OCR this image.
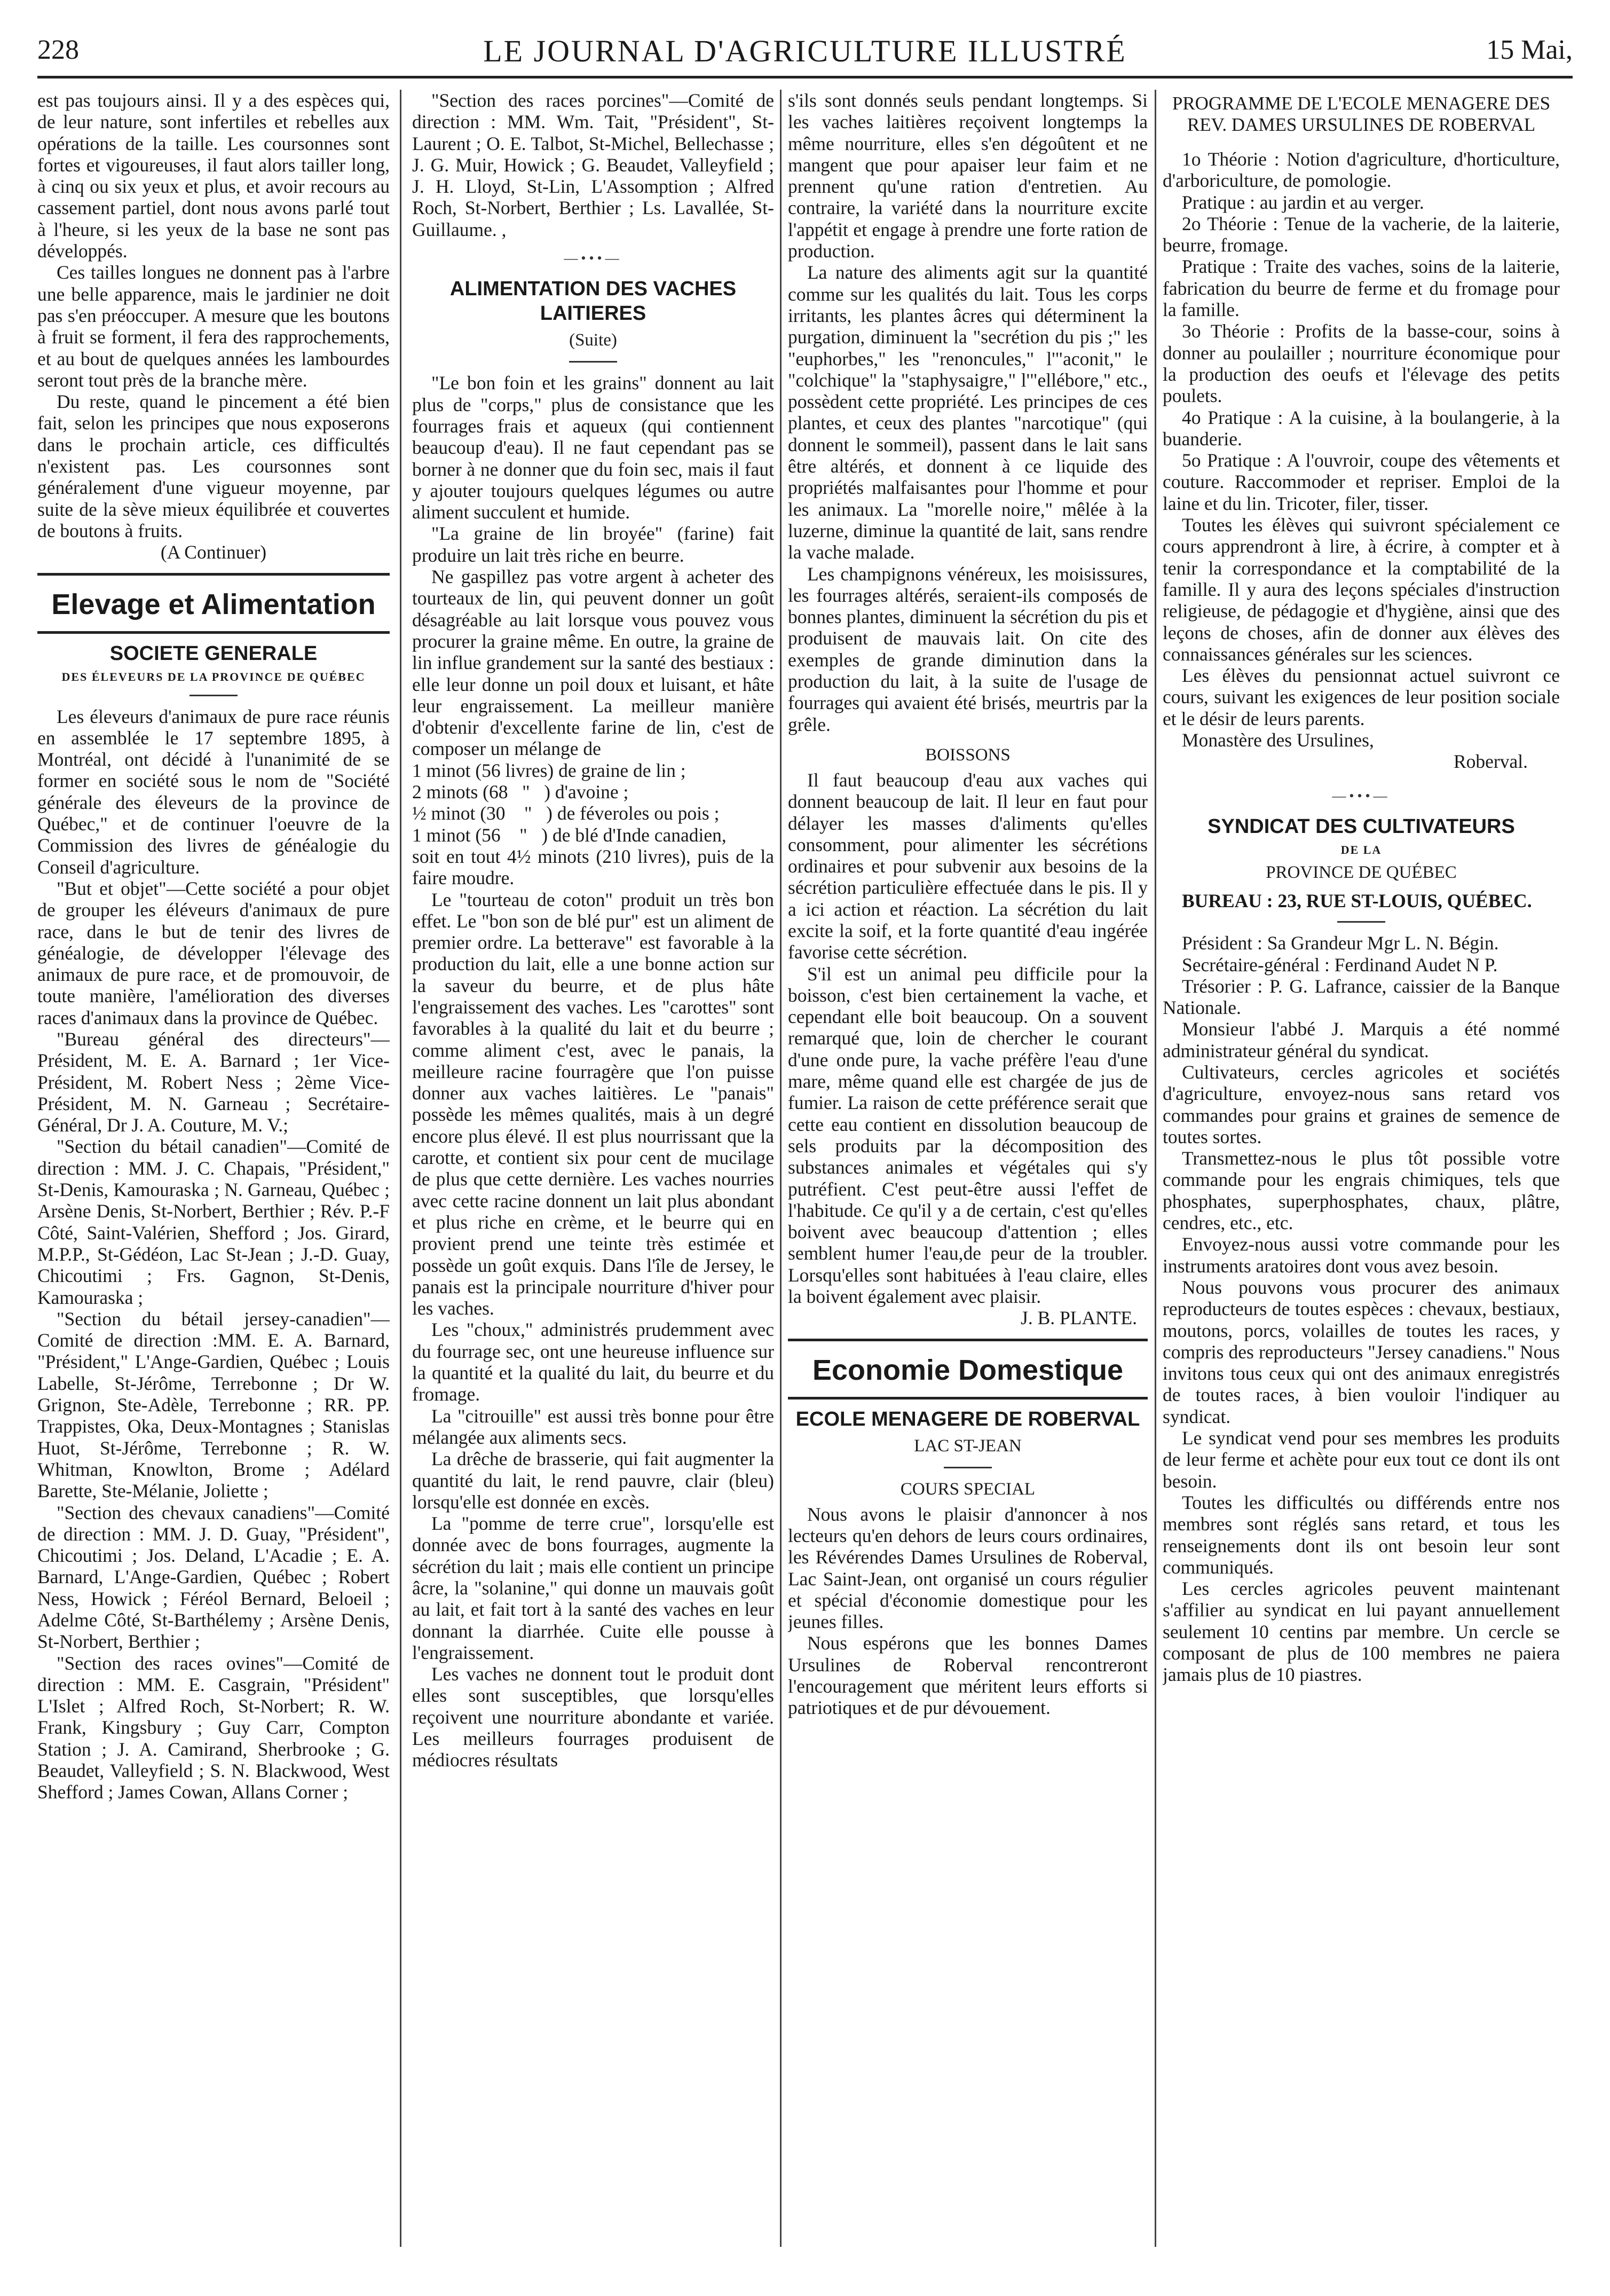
228	LE JOURNAL D'AGRICULTURE ILLUSTRÉ	15 Mai,

est pas toujours ainsi. Il y a des espèces qui, de leur nature, sont infertiles et rebelles aux opérations de la taille. Les coursonnes sont fortes et vigoureuses, il faut alors tailler long, à cinq ou six yeux et plus, et avoir recours au cassement partiel, dont nous avons parlé tout à l'heure, si les yeux de la base ne sont pas développés.

Ces tailles longues ne donnent pas à l'arbre une belle apparence, mais le jardinier ne doit pas s'en préoccuper. A mesure que les boutons à fruit se forment, il fera des rapprochements, et au bout de quelques années les lambourdes seront tout près de la branche mère.

Du reste, quand le pincement a été bien fait, selon les principes que nous exposerons dans le prochain article, ces difficultés n'existent pas. Les coursonnes sont généralement d'une vigueur moyenne, par suite de la sève mieux équilibrée et couvertes de boutons à fruits.

(A Continuer)

Elevage et Alimentation
SOCIETE GENERALE
DES ÉLEVEURS DE LA PROVINCE DE QUÉBEC

Les éleveurs d'animaux de pure race réunis en assemblée le 17 septembre 1895, à Montréal, ont décidé à l'unanimité de se former en société sous le nom de "Société générale des éleveurs de la province de Québec," et de continuer l'oeuvre de la Commission des livres de généalogie du Conseil d'agriculture.

"But et objet"—Cette société a pour objet de grouper les éléveurs d'animaux de pure race, dans le but de tenir des livres de généalogie, de développer l'élevage des animaux de pure race, et de promouvoir, de toute manière, l'amélioration des diverses races d'animaux dans la province de Québec.

"Bureau général des directeurs"—Président, M. E. A. Barnard ; 1er Vice-Président, M. Robert Ness ; 2ème Vice-Président, M. N. Garneau ; Secrétaire-Général, Dr J. A. Couture, M. V.;

"Section du bétail canadien"—Comité de direction : MM. J. C. Chapais, "Président," St-Denis, Kamouraska ; N. Garneau, Québec ; Arsène Denis, St-Norbert, Berthier ; Rév. P.-F Côté, Saint-Valérien, Shefford ; Jos. Girard, M.P.P., St-Gédéon, Lac St-Jean ; J.-D. Guay, Chicoutimi ; Frs. Gagnon, St-Denis, Kamouraska ;

"Section du bétail jersey-canadien"—Comité de direction :MM. E. A. Barnard, "Président," L'Ange-Gardien, Québec ; Louis Labelle, St-Jérôme, Terrebonne ; Dr W. Grignon, Ste-Adèle, Terrebonne ; RR. PP. Trappistes, Oka, Deux-Montagnes ; Stanislas Huot, St-Jérôme, Terrebonne ; R. W. Whitman, Knowlton, Brome ; Adélard Barette, Ste-Mélanie, Joliette ;

"Section des chevaux canadiens"—Comité de direction : MM. J. D. Guay, "Président", Chicoutimi ; Jos. Deland, L'Acadie ; E. A. Barnard, L'Ange-Gardien, Québec ; Robert Ness, Howick ; Féréol Bernard, Beloeil ; Adelme Côté, St-Barthélemy ; Arsène Denis, St-Norbert, Berthier ;

"Section des races ovines"—Comité de direction : MM. E. Casgrain, "Président" L'Islet ; Alfred Roch, St-Norbert; R. W. Frank, Kingsbury ; Guy Carr, Compton Station ; J. A. Camirand, Sherbrooke ; G. Beaudet, Valleyfield ; S. N. Blackwood, West Shefford ; James Cowan, Allans Corner ;

"Section des races porcines"—Comité de direction : MM. Wm. Tait, "Président", St-Laurent ; O. E. Talbot, St-Michel, Bellechasse ; J. G. Muir, Howick ; G. Beaudet, Valleyfield ; J. H. Lloyd, St-Lin, L'Assomption ; Alfred Roch, St-Norbert, Berthier ; Ls. Lavallée, St-Guillaume. ,

—•••—
ALIMENTATION DES VACHES LAITIERES
(Suite)

"Le bon foin et les grains" donnent au lait plus de "corps," plus de consistance que les fourrages frais et aqueux (qui contiennent beaucoup d'eau). Il ne faut cependant pas se borner à ne donner que du foin sec, mais il faut y ajouter toujours quelques légumes ou autre aliment succulent et humide.

"La graine de lin broyée" (farine) fait produire un lait très riche en beurre.

Ne gaspillez pas votre argent à acheter des tourteaux de lin, qui peuvent donner un goût désagréable au lait lorsque vous pouvez vous procurer la graine même. En outre, la graine de lin influe grandement sur la santé des bestiaux : elle leur donne un poil doux et luisant, et hâte leur engraissement. La meilleur manière d'obtenir d'excellente farine de lin, c'est de composer un mélange de

1 minot (56 livres) de graine de lin ;

2 minots (68   "   ) d'avoine ;

½ minot (30    "   ) de féveroles ou pois ;

1 minot (56    "   ) de blé d'Inde canadien,

soit en tout 4½ minots (210 livres), puis de la faire moudre.

Le "tourteau de coton" produit un très bon effet. Le "bon son de blé pur" est un aliment de premier ordre. La betterave" est favorable à la production du lait, elle a une bonne action sur la saveur du beurre, et de plus hâte l'engraissement des vaches. Les "carottes" sont favorables à la qualité du lait et du beurre ; comme aliment c'est, avec le panais, la meilleure racine fourragère que l'on puisse donner aux vaches laitières. Le "panais" possède les mêmes qualités, mais à un degré encore plus élevé. Il est plus nourrissant que la carotte, et contient six pour cent de mucilage de plus que cette dernière. Les vaches nourries avec cette racine donnent un lait plus abondant et plus riche en crème, et le beurre qui en provient prend une teinte très estimée et possède un goût exquis. Dans l'île de Jersey, le panais est la principale nourriture d'hiver pour les vaches.

Les "choux," administrés prudemment avec du fourrage sec, ont une heureuse influence sur la quantité et la qualité du lait, du beurre et du fromage.

La "citrouille" est aussi très bonne pour être mélangée aux aliments secs.

La drêche de brasserie, qui fait augmenter la quantité du lait, le rend pauvre, clair (bleu) lorsqu'elle est donnée en excès.

La "pomme de terre crue", lorsqu'elle est donnée avec de bons fourrages, augmente la sécrétion du lait ; mais elle contient un principe âcre, la "solanine," qui donne un mauvais goût au lait, et fait tort à la santé des vaches en leur donnant la diarrhée. Cuite elle pousse à l'engraissement.

Les vaches ne donnent tout le produit dont elles sont susceptibles, que lorsqu'elles reçoivent une nourriture abondante et variée. Les meilleurs fourrages produisent de médiocres résultats

s'ils sont donnés seuls pendant longtemps. Si les vaches laitières reçoivent longtemps la même nourriture, elles s'en dégoûtent et ne mangent que pour apaiser leur faim et ne prennent qu'une ration d'entretien. Au contraire, la variété dans la nourriture excite l'appétit et engage à prendre une forte ration de production.

La nature des aliments agit sur la quantité comme sur les qualités du lait. Tous les corps irritants, les plantes âcres qui déterminent la purgation, diminuent la "secrétion du pis ;" les "euphorbes," les "renoncules," l'"aconit," le "colchique" la "staphysaigre," l'"ellébore," etc., possèdent cette propriété. Les principes de ces plantes, et ceux des plantes "narcotique" (qui donnent le sommeil), passent dans le lait sans être altérés, et donnent à ce liquide des propriétés malfaisantes pour l'homme et pour les animaux. La "morelle noire," mêlée à la luzerne, diminue la quantité de lait, sans rendre la vache malade.

Les champignons vénéreux, les moisissures, les fourrages altérés, seraient-ils composés de bonnes plantes, diminuent la sécrétion du pis et produisent de mauvais lait. On cite des exemples de grande diminution dans la production du lait, à la suite de l'usage de fourrages qui avaient été brisés, meurtris par la grêle.

BOISSONS

Il faut beaucoup d'eau aux vaches qui donnent beaucoup de lait. Il leur en faut pour délayer les masses d'aliments qu'elles consomment, pour alimenter les sécrétions ordinaires et pour subvenir aux besoins de la sécrétion particulière effectuée dans le pis. Il y a ici action et réaction. La sécrétion du lait excite la soif, et la forte quantité d'eau ingérée favorise cette sécrétion.

S'il est un animal peu difficile pour la boisson, c'est bien certainement la vache, et cependant elle boit beaucoup. On a souvent remarqué que, loin de chercher le courant d'une onde pure, la vache préfère l'eau d'une mare, même quand elle est chargée de jus de fumier. La raison de cette préférence serait que cette eau contient en dissolution beaucoup de sels produits par la décomposition des substances animales et végétales qui s'y putréfient. C'est peut-être aussi l'effet de l'habitude. Ce qu'il y a de certain, c'est qu'elles boivent avec beaucoup d'attention ; elles semblent humer l'eau,de peur de la troubler. Lorsqu'elles sont habituées à l'eau claire, elles la boivent également avec plaisir.

J. B. PLANTE.

Economie Domestique
ECOLE MENAGERE DE ROBERVAL
LAC ST-JEAN
COURS SPECIAL

Nous avons le plaisir d'annoncer à nos lecteurs qu'en dehors de leurs cours ordinaires, les Révérendes Dames Ursulines de Roberval, Lac Saint-Jean, ont organisé un cours régulier et spécial d'économie domestique pour les jeunes filles.

Nous espérons que les bonnes Dames Ursulines de Roberval rencontreront l'encouragement que méritent leurs efforts si patriotiques et de pur dévouement.

PROGRAMME DE L'ECOLE MENAGERE DES REV. DAMES URSULINES DE ROBERVAL

1o Théorie : Notion d'agriculture, d'horticulture, d'arboriculture, de pomologie.

Pratique : au jardin et au verger.

2o Théorie : Tenue de la vacherie, de la laiterie, beurre, fromage.

Pratique : Traite des vaches, soins de la laiterie, fabrication du beurre de ferme et du fromage pour la famille.

3o Théorie : Profits de la basse-cour, soins à donner au poulailler ; nourriture économique pour la production des oeufs et l'élevage des petits poulets.

4o Pratique : A la cuisine, à la boulangerie, à la buanderie.

5o Pratique : A l'ouvroir, coupe des vêtements et couture. Raccommoder et repriser. Emploi de la laine et du lin. Tricoter, filer, tisser.

Toutes les élèves qui suivront spécialement ce cours apprendront à lire, à écrire, à compter et à tenir la correspondance et la comptabilité de la famille. Il y aura des leçons spéciales d'instruction religieuse, de pédagogie et d'hygiène, ainsi que des leçons de choses, afin de donner aux élèves des connaissances générales sur les sciences.

Les élèves du pensionnat actuel suivront ce cours, suivant les exigences de leur position sociale et le désir de leurs parents.

Monastère des Ursulines,

Roberval.

—•••—
SYNDICAT DES CULTIVATEURS
DE LA
PROVINCE DE QUÉBEC

BUREAU : 23, RUE ST-LOUIS, QUÉBEC.

Président : Sa Grandeur Mgr L. N. Bégin.

Secrétaire-général : Ferdinand Audet N P.

Trésorier : P. G. Lafrance, caissier de la Banque Nationale.

Monsieur l'abbé J. Marquis a été nommé administrateur général du syndicat.

Cultivateurs, cercles agricoles et sociétés d'agriculture, envoyez-nous sans retard vos commandes pour grains et graines de semence de toutes sortes.

Transmettez-nous le plus tôt possible votre commande pour les engrais chimiques, tels que phosphates, superphosphates, chaux, plâtre, cendres, etc., etc.

Envoyez-nous aussi votre commande pour les instruments aratoires dont vous avez besoin.

Nous pouvons vous procurer des animaux reproducteurs de toutes espèces : chevaux, bestiaux, moutons, porcs, volailles de toutes les races, y compris des reproducteurs "Jersey canadiens." Nous invitons tous ceux qui ont des animaux enregistrés de toutes races, à bien vouloir l'indiquer au syndicat.

Le syndicat vend pour ses membres les produits de leur ferme et achète pour eux tout ce dont ils ont besoin.

Toutes les difficultés ou différends entre nos membres sont réglés sans retard, et tous les renseignements dont ils ont besoin leur sont communiqués.

Les cercles agricoles peuvent maintenant s'affilier au syndicat en lui payant annuellement seulement 10 centins par membre. Un cercle se composant de plus de 100 membres ne paiera jamais plus de 10 piastres.
